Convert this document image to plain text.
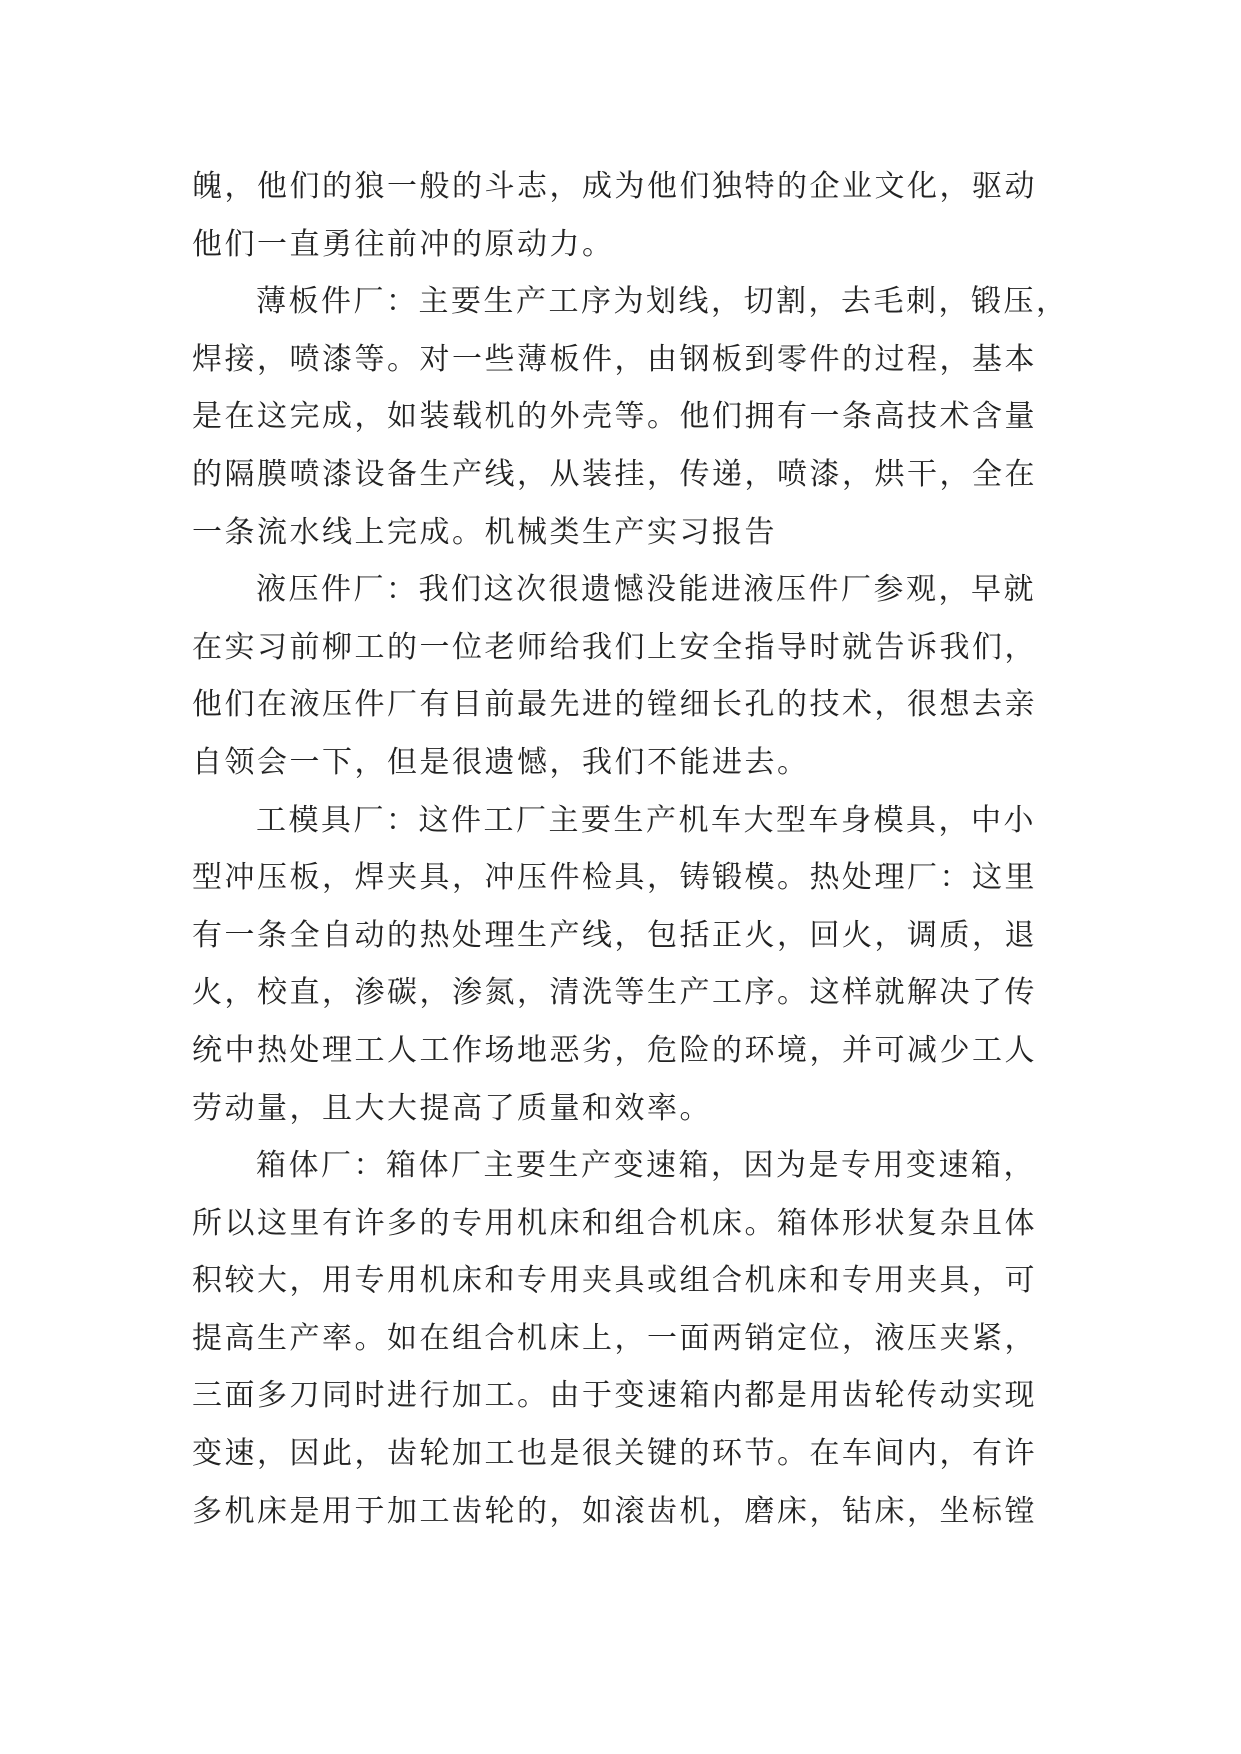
魄，他们的狼一般的斗志，成为他们独特的企业文化，驱动
他们一直勇往前冲的原动力。
薄板件厂：主要生产工序为划线，切割，去毛刺，锻压，
焊接，喷漆等。对一些薄板件，由钢板到零件的过程，基本
是在这完成，如装载机的外壳等。他们拥有一条高技术含量
的隔膜喷漆设备生产线，从装挂，传递，喷漆，烘干，全在
一条流水线上完成。机械类生产实习报告
液压件厂：我们这次很遗憾没能进液压件厂参观，早就
在实习前柳工的一位老师给我们上安全指导时就告诉我们，
他们在液压件厂有目前最先进的镗细长孔的技术，很想去亲
自领会一下，但是很遗憾，我们不能进去。
工模具厂：这件工厂主要生产机车大型车身模具，中小
型冲压板，焊夹具，冲压件检具，铸锻模。热处理厂：这里
有一条全自动的热处理生产线，包括正火，回火，调质，退
火，校直，渗碳，渗氮，清洗等生产工序。这样就解决了传
统中热处理工人工作场地恶劣，危险的环境，并可减少工人
劳动量，且大大提高了质量和效率。
箱体厂：箱体厂主要生产变速箱，因为是专用变速箱，
所以这里有许多的专用机床和组合机床。箱体形状复杂且体
积较大，用专用机床和专用夹具或组合机床和专用夹具，可
提高生产率。如在组合机床上，一面两销定位，液压夹紧，
三面多刀同时进行加工。由于变速箱内都是用齿轮传动实现
变速，因此，齿轮加工也是很关键的环节。在车间内，有许
多机床是用于加工齿轮的，如滚齿机，磨床，钻床，坐标镗
